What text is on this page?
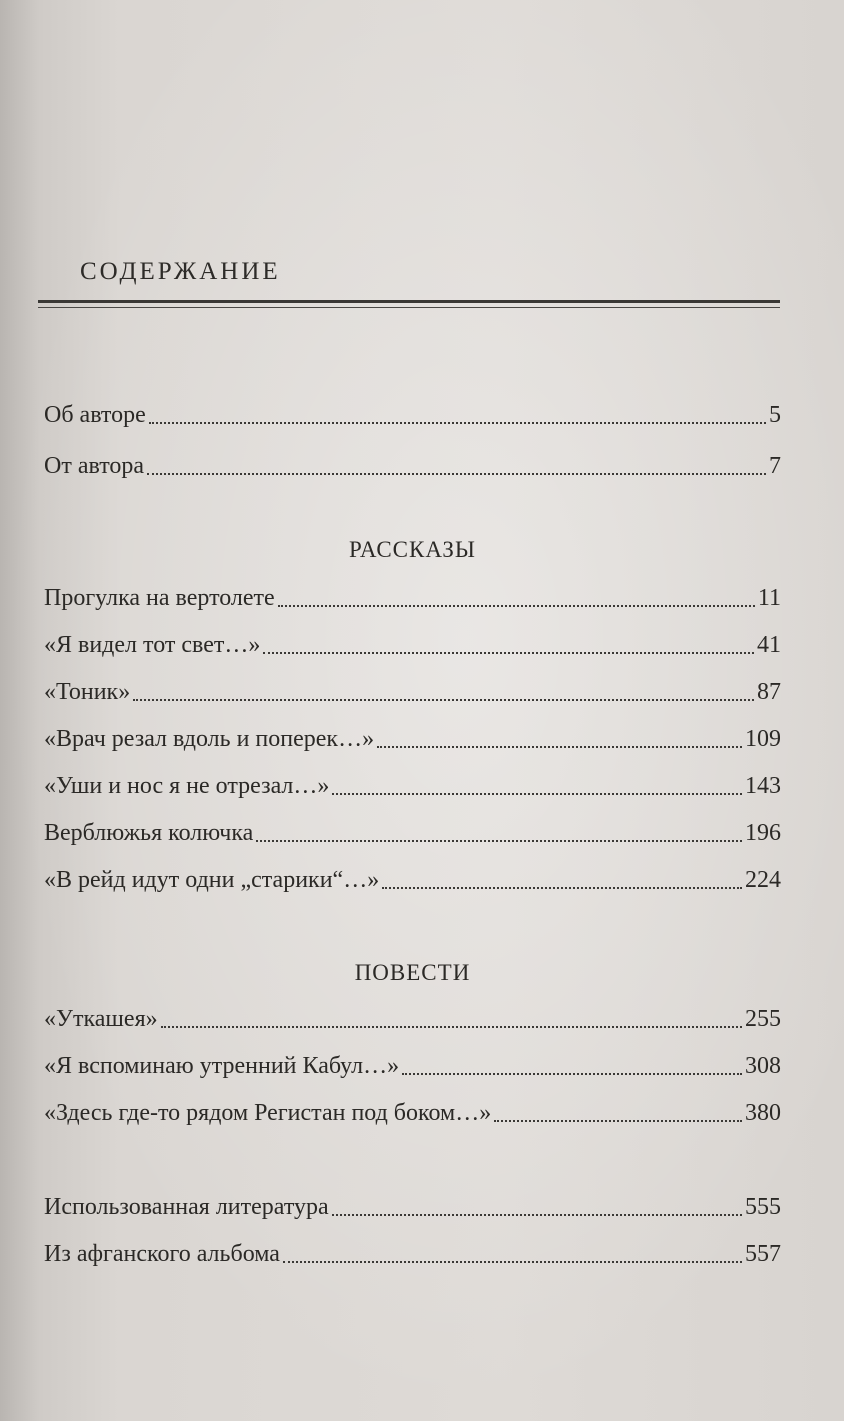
СОДЕРЖАНИЕ
Об авторе	5
От автора	7
РАССКАЗЫ
Прогулка на вертолете	11
«Я видел тот свет…»	41
«Тоник»	87
«Врач резал вдоль и поперек…»	109
«Уши и нос я не отрезал…»	143
Верблюжья колючка	196
«В рейд идут одни „старики“…»	224
ПОВЕСТИ
«Уткашея»	255
«Я вспоминаю утренний Кабул…»	308
«Здесь где-то рядом Регистан под боком…»	380
Использованная литература	555
Из афганского альбома	557
